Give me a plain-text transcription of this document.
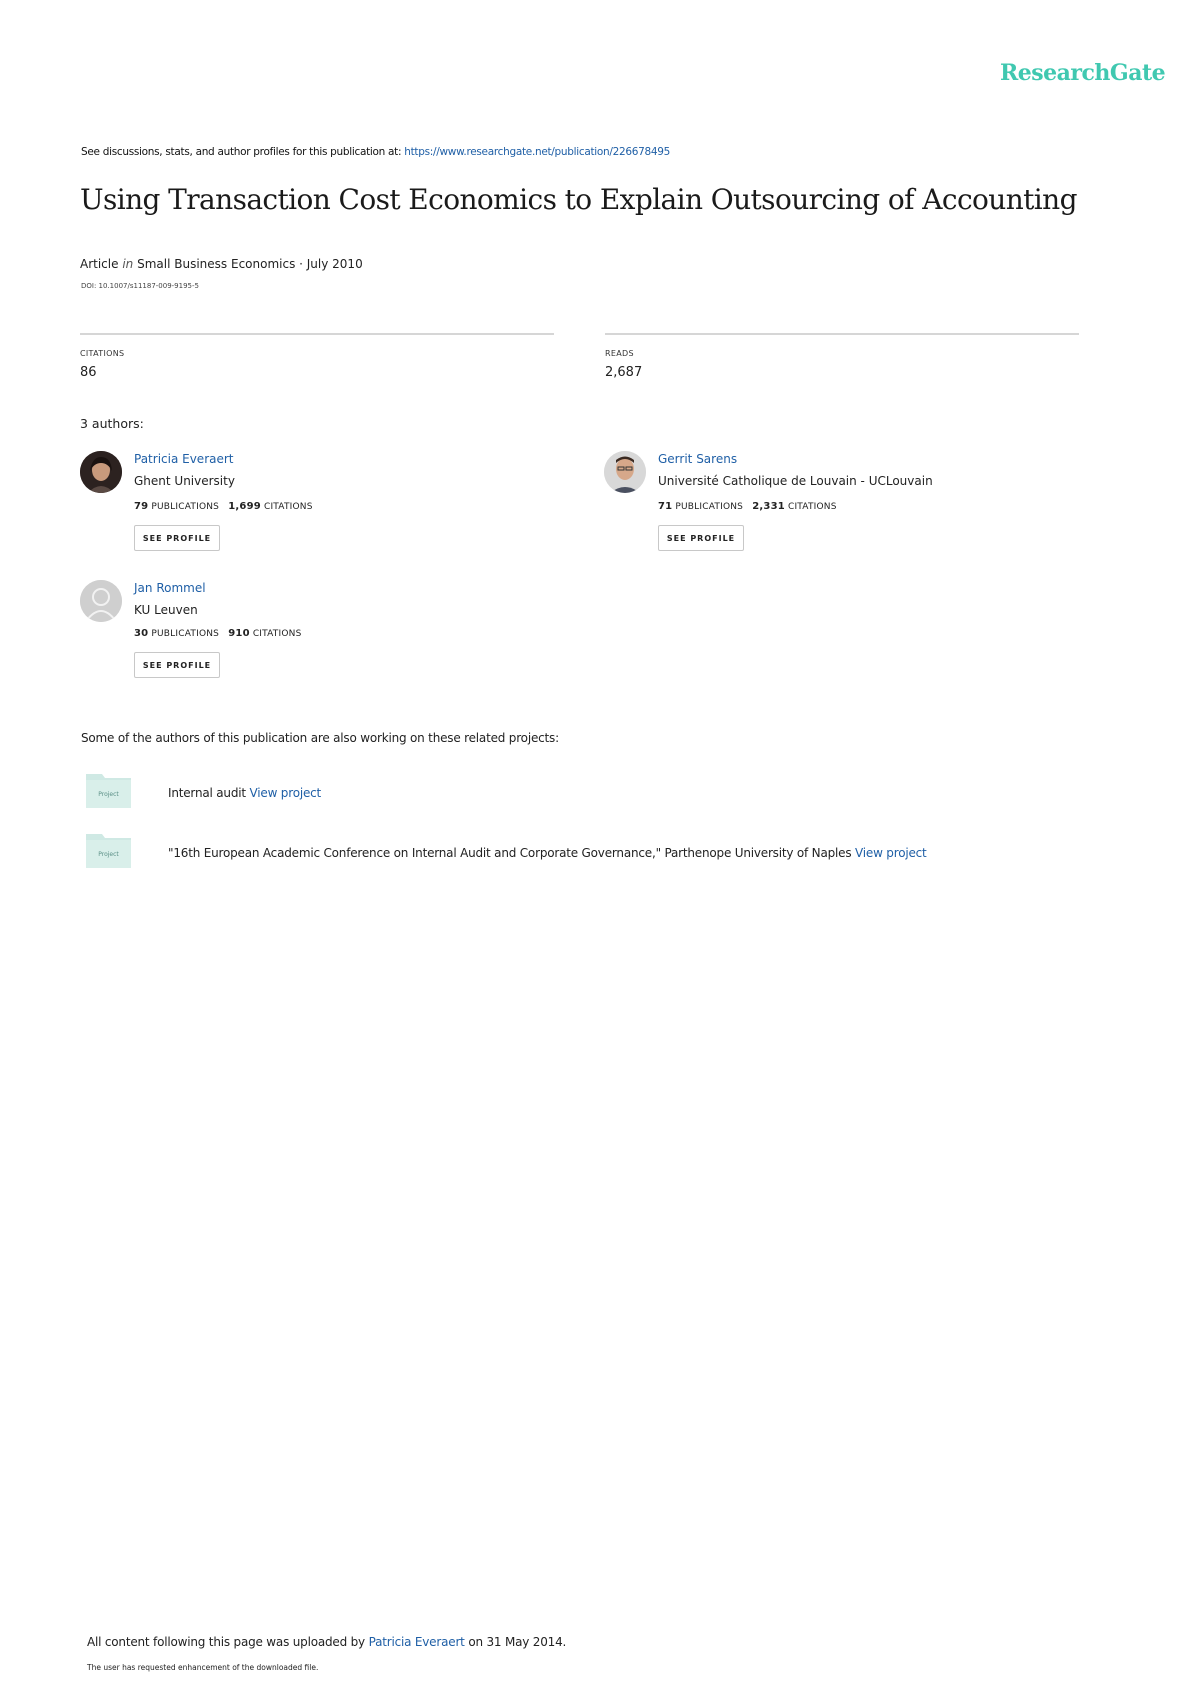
ResearchGate
See discussions, stats, and author profiles for this publication at: https://www.researchgate.net/publication/226678495
Using Transaction Cost Economics to Explain Outsourcing of Accounting
Article in Small Business Economics · July 2010
DOI: 10.1007/s11187-009-9195-5
CITATIONS
86
READS
2,687
3 authors:
Patricia Everaert
Ghent University
79 PUBLICATIONS 1,699 CITATIONS
SEE PROFILE
Gerrit Sarens
Université Catholique de Louvain - UCLouvain
71 PUBLICATIONS 2,331 CITATIONS
SEE PROFILE
Jan Rommel
KU Leuven
30 PUBLICATIONS 910 CITATIONS
SEE PROFILE
Some of the authors of this publication are also working on these related projects:
Project	Internal audit View project
Project	"16th European Academic Conference on Internal Audit and Corporate Governance," Parthenope University of Naples View project
All content following this page was uploaded by Patricia Everaert on 31 May 2014.
The user has requested enhancement of the downloaded file.
